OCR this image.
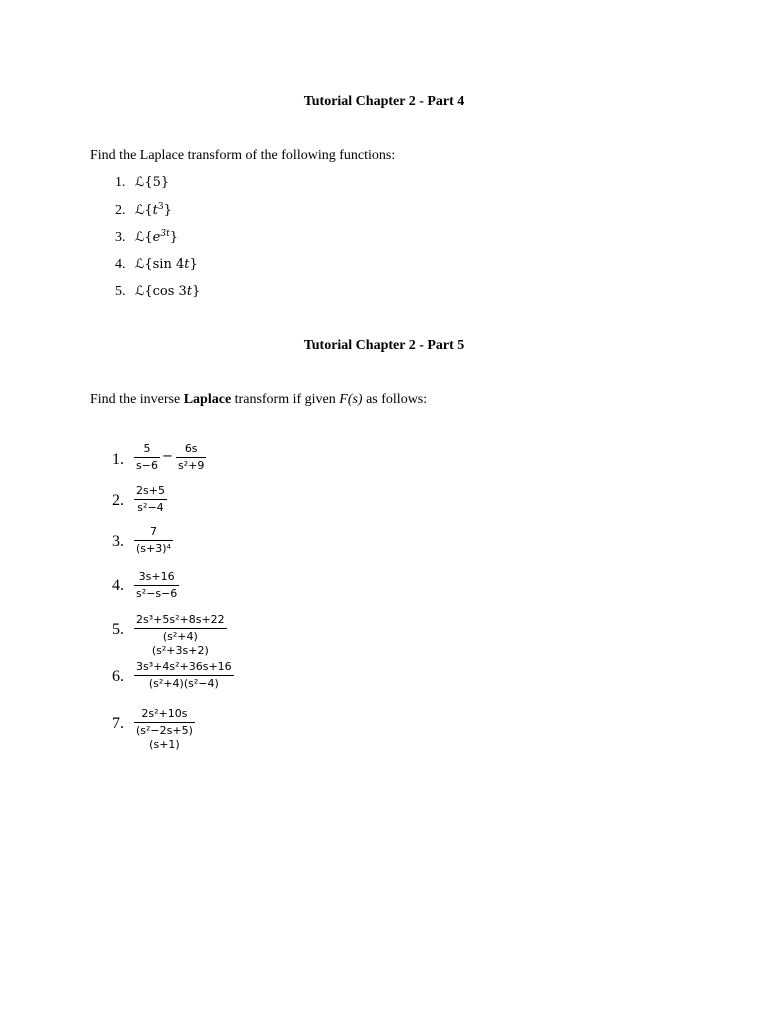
Tutorial Chapter 2 - Part 4
Find the Laplace transform of the following functions:
1. ℒ{5}
2. $ℒ\{t^3\}$
3. $ℒ\{e^{3t}\}$
4. ℒ{sin 4t}
5. ℒ{cos 3t}
Tutorial Chapter 2 - Part 5
Find the inverse Laplace transform if given F(s) as follows:
1.
5
s−6
−
6s
s²+9
2.
2s+5
s²−4
3.
7
(s+3)⁴
4.
3s+16
s²−s−6
5.
2s³+5s²+8s+22
(s²+4)(s²+3s+2)
6.
3s³+4s²+36s+16
(s²+4)(s²−4)
7.
2s²+10s
(s²−2s+5)(s+1)
